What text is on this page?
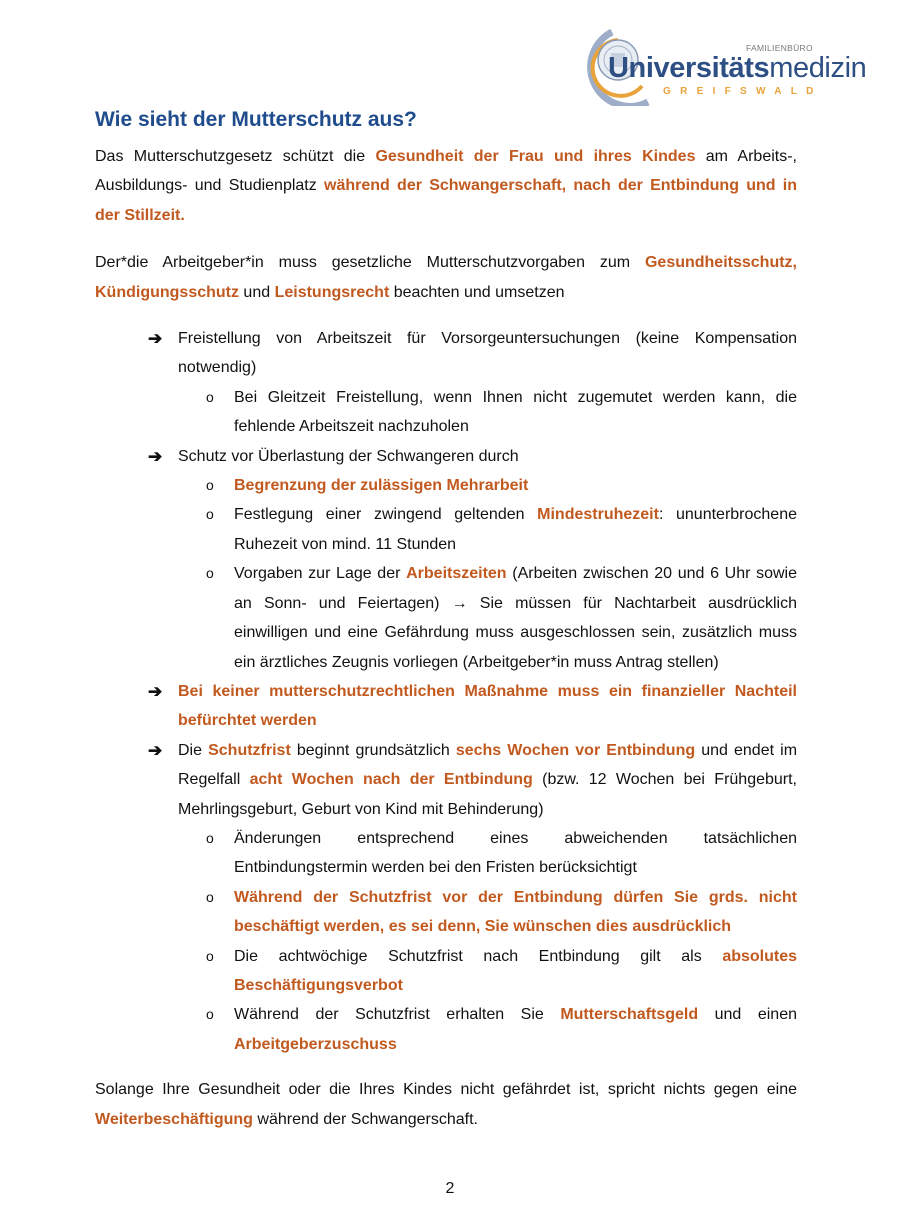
FAMILIENBÜRO
Universitätsmedizin
GREIFSWALD
Wie sieht der Mutterschutz aus?

Das Mutterschutzgesetz schützt die Gesundheit der Frau und ihres Kindes am Arbeits-, Ausbildungs- und Studienplatz während der Schwangerschaft, nach der Entbindung und in der Stillzeit.

Der*die Arbeitgeber*in muss gesetzliche Mutterschutzvorgaben zum Gesundheitsschutz, Kündigungsschutz und Leistungsrecht beachten und umsetzen

➔ Freistellung von Arbeitszeit für Vorsorgeuntersuchungen (keine Kompensation notwendig)
o Bei Gleitzeit Freistellung, wenn Ihnen nicht zugemutet werden kann, die fehlende Arbeitszeit nachzuholen
➔ Schutz vor Überlastung der Schwangeren durch
o Begrenzung der zulässigen Mehrarbeit
o Festlegung einer zwingend geltenden Mindestruhezeit: ununterbrochene Ruhezeit von mind. 11 Stunden
o Vorgaben zur Lage der Arbeitszeiten (Arbeiten zwischen 20 und 6 Uhr sowie an Sonn- und Feiertagen) → Sie müssen für Nachtarbeit ausdrücklich einwilligen und eine Gefährdung muss ausgeschlossen sein, zusätzlich muss ein ärztliches Zeugnis vorliegen (Arbeitgeber*in muss Antrag stellen)
➔ Bei keiner mutterschutzrechtlichen Maßnahme muss ein finanzieller Nachteil befürchtet werden
➔ Die Schutzfrist beginnt grundsätzlich sechs Wochen vor Entbindung und endet im Regelfall acht Wochen nach der Entbindung (bzw. 12 Wochen bei Frühgeburt, Mehrlingsgeburt, Geburt von Kind mit Behinderung)
o Änderungen entsprechend eines abweichenden tatsächlichen Entbindungstermin werden bei den Fristen berücksichtigt
o Während der Schutzfrist vor der Entbindung dürfen Sie grds. nicht beschäftigt werden, es sei denn, Sie wünschen dies ausdrücklich
o Die achtwöchige Schutzfrist nach Entbindung gilt als absolutes Beschäftigungsverbot
o Während der Schutzfrist erhalten Sie Mutterschaftsgeld und einen Arbeitgeberzuschuss

Solange Ihre Gesundheit oder die Ihres Kindes nicht gefährdet ist, spricht nichts gegen eine Weiterbeschäftigung während der Schwangerschaft.

2
